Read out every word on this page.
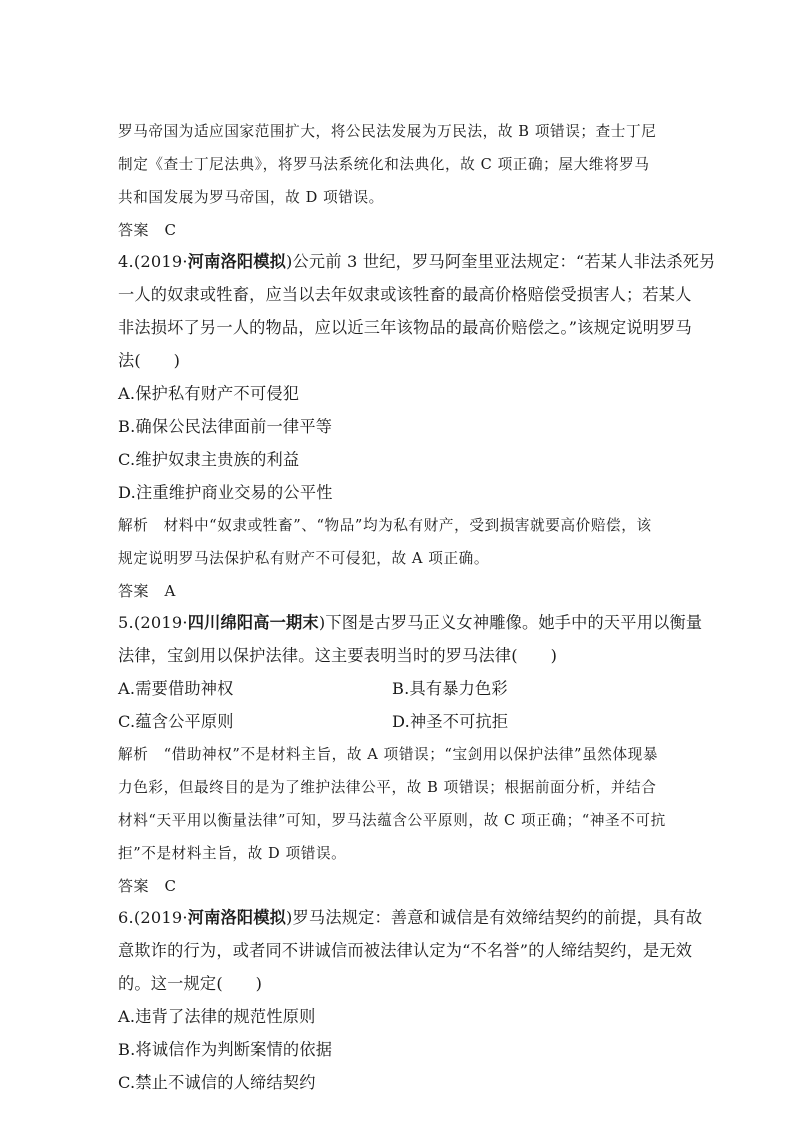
罗马帝国为适应国家范围扩大，将公民法发展为万民法，故 B 项错误；查士丁尼
制定《查士丁尼法典》，将罗马法系统化和法典化，故 C 项正确；屋大维将罗马
共和国发展为罗马帝国，故 D 项错误。
答案　C
4.(2019·河南洛阳模拟)公元前 3 世纪，罗马阿奎里亚法规定：“若某人非法杀死另
一人的奴隶或牲畜，应当以去年奴隶或该牲畜的最高价格赔偿受损害人；若某人
非法损坏了另一人的物品，应以近三年该物品的最高价赔偿之。”该规定说明罗马
法(　　)
A.保护私有财产不可侵犯
B.确保公民法律面前一律平等
C.维护奴隶主贵族的利益
D.注重维护商业交易的公平性
解析　材料中“奴隶或牲畜”、“物品”均为私有财产，受到损害就要高价赔偿，该
规定说明罗马法保护私有财产不可侵犯，故 A 项正确。
答案　A
5.(2019·四川绵阳高一期末)下图是古罗马正义女神雕像。她手中的天平用以衡量
法律，宝剑用以保护法律。这主要表明当时的罗马法律(　　)
A.需要借助神权	B.具有暴力色彩
C.蕴含公平原则	D.神圣不可抗拒
解析　“借助神权”不是材料主旨，故 A 项错误；“宝剑用以保护法律”虽然体现暴
力色彩，但最终目的是为了维护法律公平，故 B 项错误；根据前面分析，并结合
材料“天平用以衡量法律”可知，罗马法蕴含公平原则，故 C 项正确；“神圣不可抗
拒”不是材料主旨，故 D 项错误。
答案　C
6.(2019·河南洛阳模拟)罗马法规定：善意和诚信是有效缔结契约的前提，具有故
意欺诈的行为，或者同不讲诚信而被法律认定为“不名誉”的人缔结契约，是无效
的。这一规定(　　)
A.违背了法律的规范性原则
B.将诚信作为判断案情的依据
C.禁止不诚信的人缔结契约
